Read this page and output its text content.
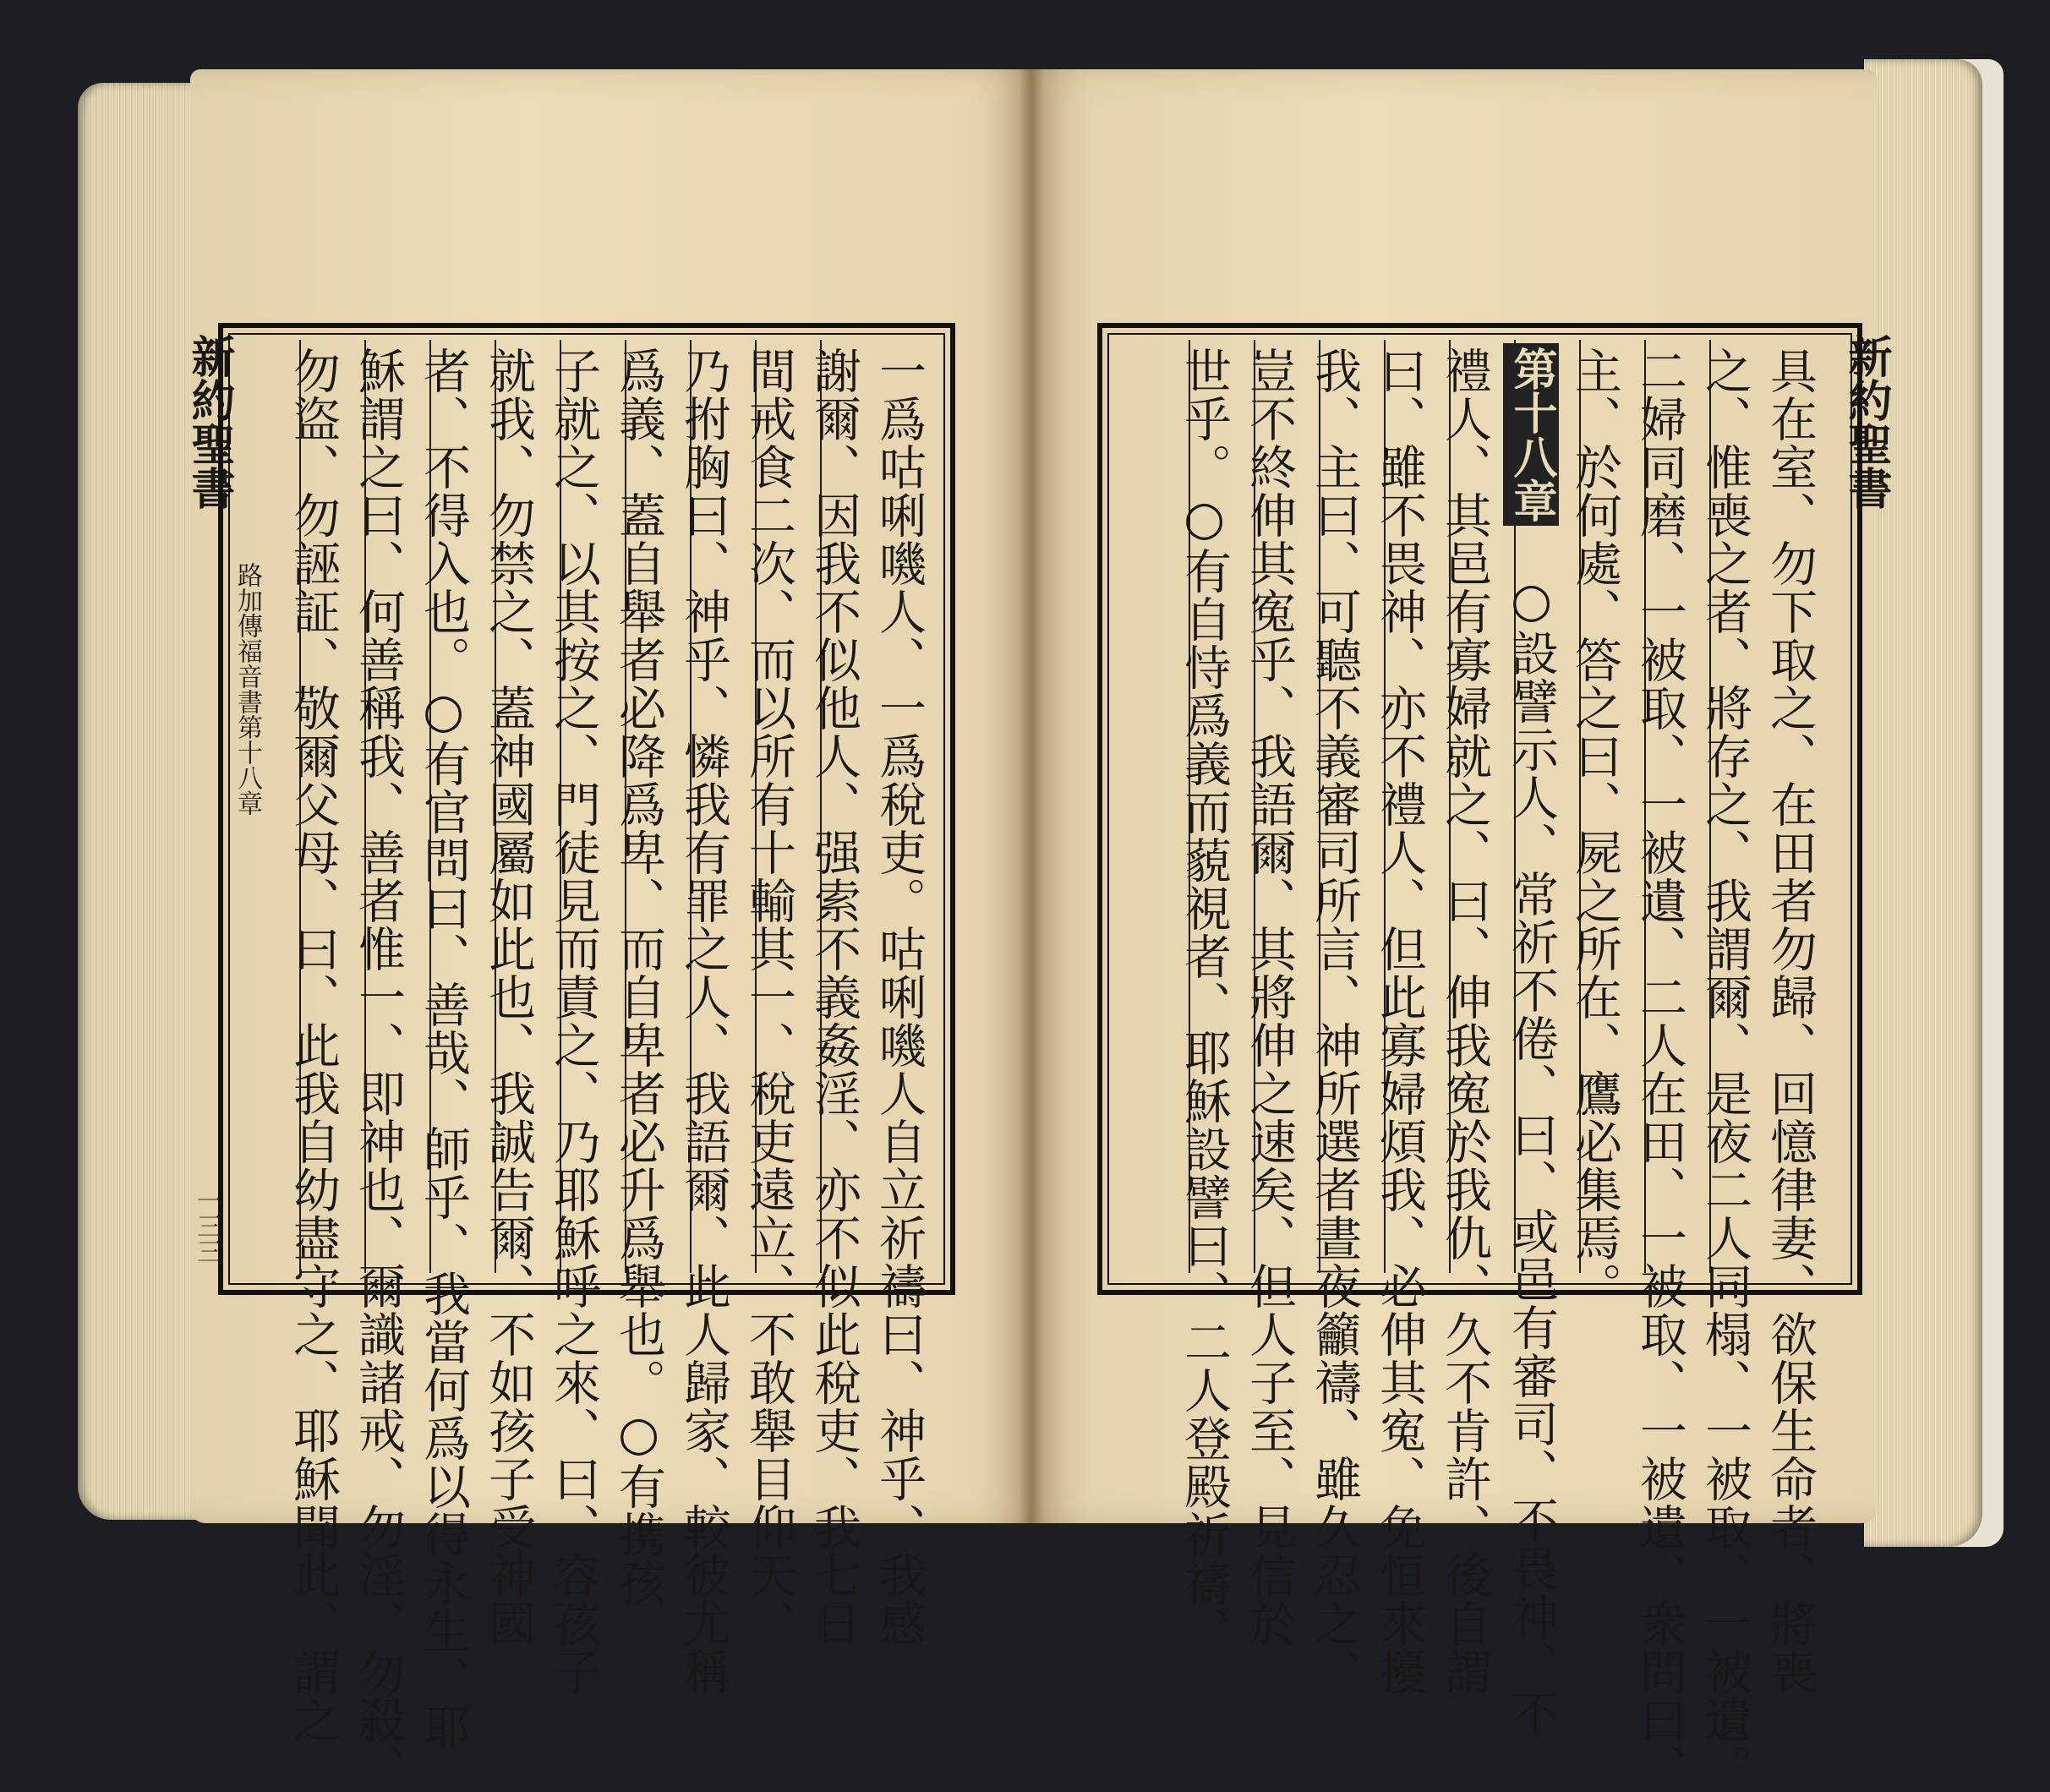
新約聖書
路加傳福音書第十八章
一三三	一爲咕唎嘰人、一爲稅吏。咕唎嘰人自立祈禱曰、神乎、我感
謝爾、因我不似他人、强索不義姦淫、亦不似此稅吏、我七日
間戒食二次、而以所有十輸其一、稅吏遠立、不敢舉目仰天、
乃拊胸曰、神乎、憐我有罪之人、我語爾、此人歸家、較彼尤稱
爲義、蓋自舉者必降爲卑、而自卑者必升爲舉也。○有携孩
子就之、以其按之、門徒見而責之、乃耶穌呼之來、曰、容孩子
就我、勿禁之、蓋神國屬如此也、我誠告爾、不如孩子受神國
者、不得入也。○有官問曰、善哉、師乎、我當何爲以得永生、耶
穌謂之曰、何善稱我、善者惟一、即神也、爾識諸戒、勿淫、勿殺、
勿盜、勿誣証、敬爾父母、曰、此我自幼盡守之、耶穌聞此、謂之	新約聖書
具在室、勿下取之、在田者勿歸、回憶律妻、欲保生命者、將喪
之、惟喪之者、將存之、我謂爾、是夜二人同榻、一被取、一被遺。
二婦同磨、一被取、一被遺、二人在田、一被取、一被遺、衆問曰、
主、於何處、答之曰、屍之所在、鷹必集焉。
第十八章
○設譬示人、常祈不倦、曰、或邑有審司、不畏神、不
禮人、其邑有寡婦就之、曰、伸我寃於我仇、久不肯許、後自謂
曰、雖不畏神、亦不禮人、但此寡婦煩我、必伸其寃、免恒來擾
我、主曰、可聽不義審司所言、神所選者晝夜籲禱、雖久忍之、
豈不終伸其寃乎、我語爾、其將伸之速矣、但人子至、見信於
世乎。○有自恃爲義而藐視者、耶穌設譬曰、二人登殿祈禱、
